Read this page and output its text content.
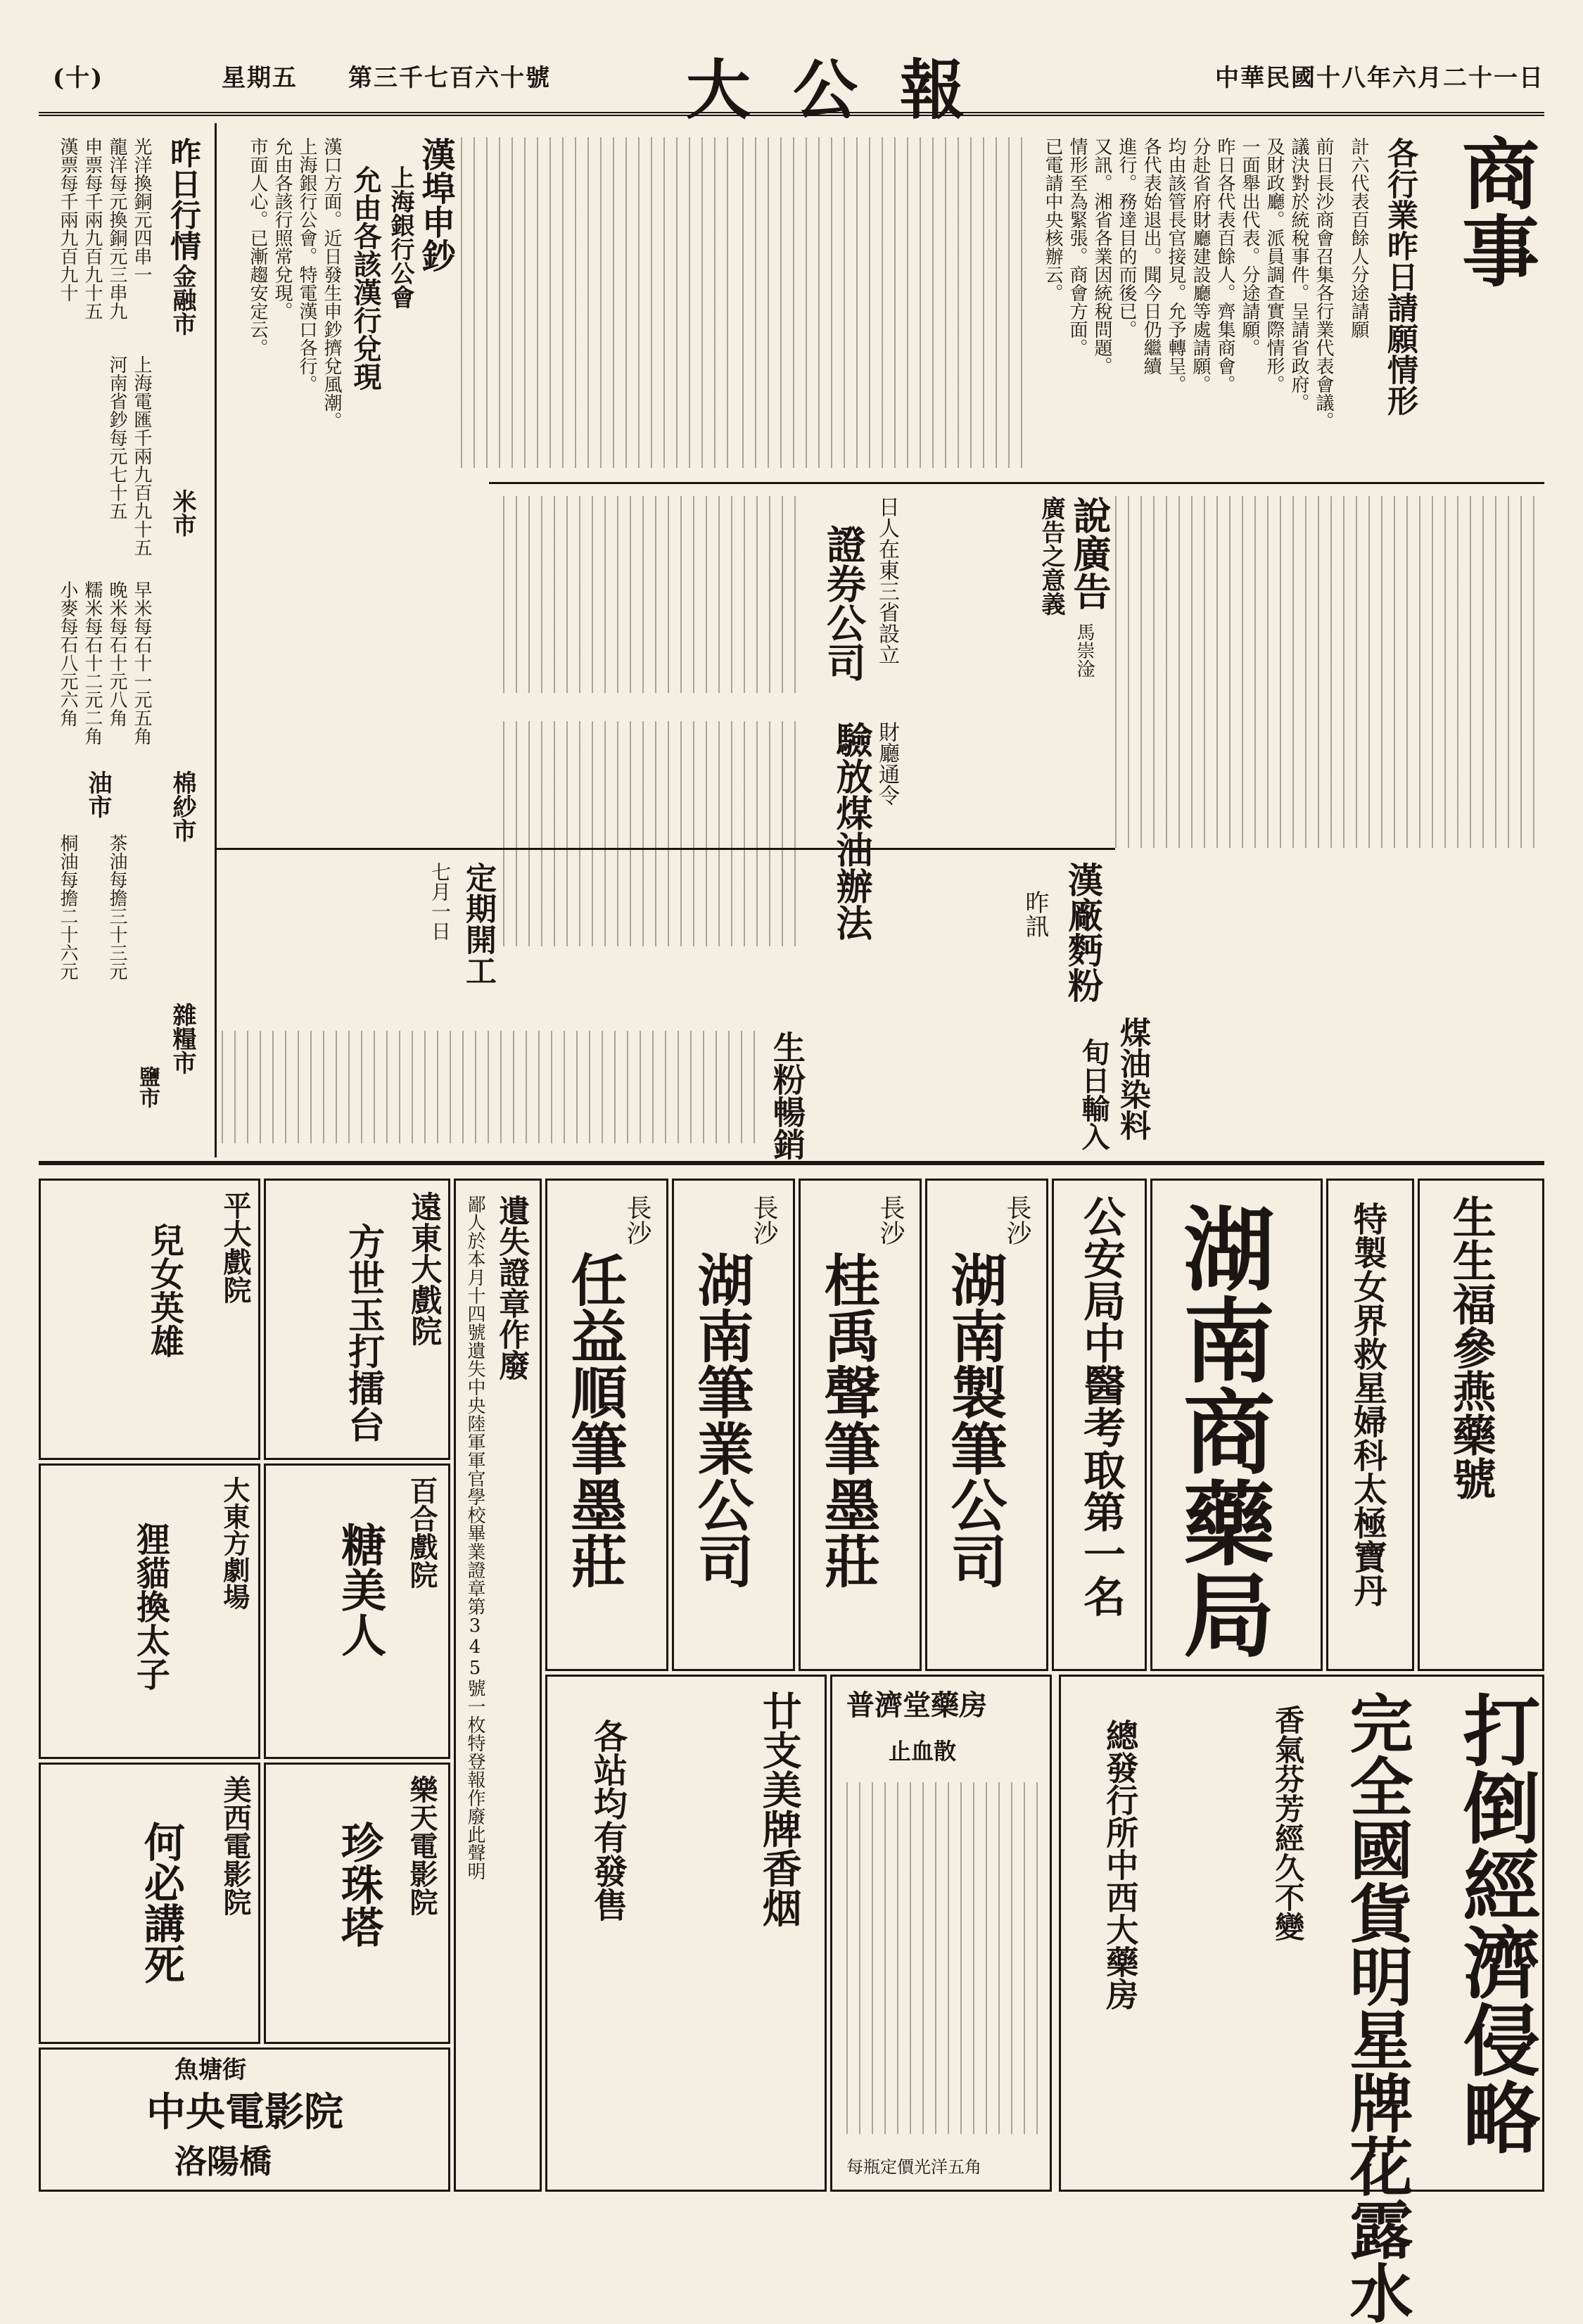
中華民國十八年六月二十一日
大公報
第三千七百六十號
星期五
(十)
商事
各行業昨日請願情形
計六代表百餘人分途請願
前日長沙商會召集各行業代表會議。
議決對於統稅事件。呈請省政府。
及財政廳。派員調查實際情形。
一面舉出代表。分途請願。
昨日各代表百餘人。齊集商會。
分赴省府財廳建設廳等處請願。
均由該管長官接見。允予轉呈。
各代表始退出。聞今日仍繼續
進行。務達目的而後已。
又訊。湘省各業因統稅問題。
情形至為緊張。商會方面。
已電請中央核辦云。
漢埠申鈔
上海銀行公會
允由各該漢行兌現
漢口方面。近日發生申鈔擠兌風潮。
上海銀行公會。特電漢口各行。
允由各該行照常兌現。
市面人心。已漸趨安定云。
昨日行情
金融市
光洋換銅元四串一
龍洋每元換銅元三串九
申票每千兩九百九十五
漢票每千兩九百九十
上海電匯千兩九百九十五
河南省鈔每元七十五 米市
早米每石十一元五角
晚米每石十元八角
糯米每石十二元二角
小麥每石八元六角
棉紗市
雜糧市
鹽市
油市
桐油每擔二十六元 茶油每擔三十三元
說廣告
馬崇淦
廣告之意義
證券公司 日人在東三省設立
驗放煤油辦法 財廳通令
漢廠麪粉
昨訊
定期開工
七月一日
煤油染料
旬日輸入
生粉暢銷
生生福參燕藥號
特製女界救星婦科太極寶丹
湖南商藥局
公安局中醫考取第一名
長沙
湖南製筆公司
長沙
桂禹聲筆墨莊
長沙
湖南筆業公司
長沙
任益順筆墨莊
遺失證章作廢
鄙人於本月十四號遺失中央陸軍軍官學校畢業證章第345號一枚特登報作廢此聲明
遠東大戲院
方世玉打擂台
平大戲院
兒女英雄
百合戲院
糖美人
大東方劇場
狸貓換太子
樂天電影院
珍珠塔
美西電影院
何必講死
魚塘街
中央電影院
洛陽橋
廿支美牌香烟
各站均有發售
普濟堂藥房
止血散
每瓶定價光洋五角
打倒經濟侵略
完全國貨明星牌花露水
香氣芬芳經久不變
總發行所中西大藥房
